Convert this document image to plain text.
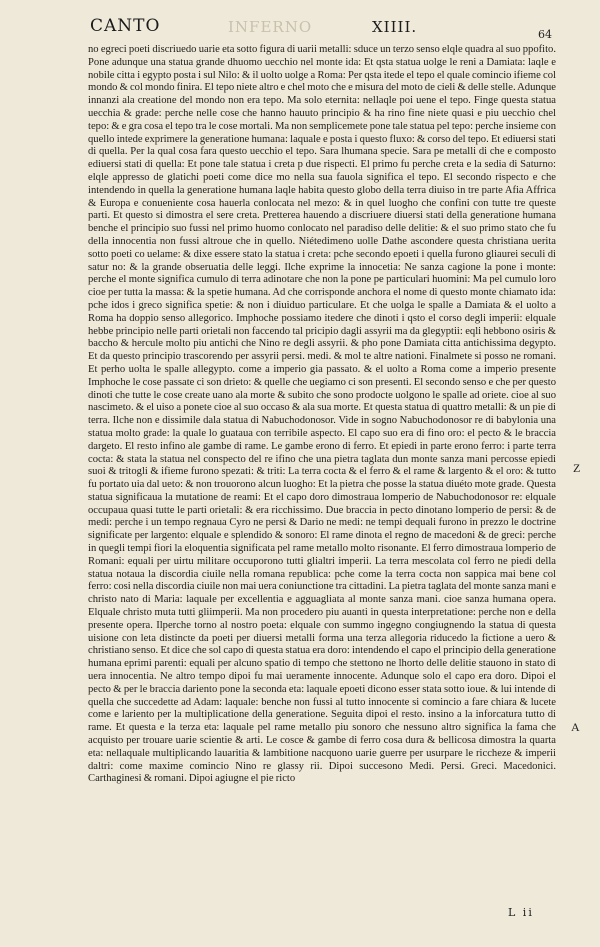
INFERNO
CANTO	XIIII.	64

no egreci poeti discriuedo uarie eta sotto figura di uarii metalli: sduce un terzo senso elqle quadra al suo ppofito. Pone adunque una statua grande dhuomo uecchio nel monte ida: Et qsta statua uolge le reni a Damiata: laqle e nobile citta i egypto posta i sul Nilo: & il uolto uolge a Roma: Per qsta itede el tepo el quale comincio ifieme col mondo & col mondo finira. El tepo niete altro e chel moto che e misura del moto de cieli & delle stelle. Adunque innanzi ala creatione del mondo non era tepo. Ma solo eternita: nellaqle poi uene el tepo. Finge questa statua uecchia & grade: perche nelle cose che hanno hauuto principio & ha rino fine niete quasi e piu uecchio chel tepo: & e gra cosa el tepo tra le cose mortali. Ma non semplicemete pone tale statua pel tepo: perche insieme con quello intede exprimere la generatione humana: laquale e posta i questo fluxo: & corso del tepo. Et ediuersi stati di quella. Per la qual cosa fara questo uecchio el tepo. Sara lhumana specie. Sara pe metalli di che e composto ediuersi stati di quella: Et pone tale statua i creta p due rispecti. El primo fu perche creta e la sedia di Saturno: elqle appresso de glatichi poeti come dice mo nella sua fauola significa el tepo. El secondo rispecto e che intendendo in quella la generatione humana laqle habita questo globo della terra diuiso in tre parte Afia Affrica & Europa e conueniente cosa hauerla conlocata nel mezo: & in quel luogho che confini con tutte tre queste parti. Et questo si dimostra el sere creta. Pretterea hauendo a discriuere diuersi stati della generatione humana benche el principio suo fussi nel primo huomo conlocato nel paradiso delle delitie: & el suo primo stato che fu della innocentia non fussi altroue che in quello. Niétedimeno uolle Dathe ascondere questa christiana uerita sotto poeti co uelame: & dixe essere stato la statua i creta: pche secondo epoeti i quella furono gliaurei seculi di satur no: & la grande obseruatia delle leggi. Ilche exprime la innocetia: Ne sanza cagione la pone i monte: perche el monte significa cumulo di terra adinotare che non la pone pe particulari huomini: Ma pel cumulo loro cioe per tutta la massa: & la spetie humana. Ad che corrisponde anchora el nome di questo monte chiamato ida: pche idos i greco significa spetie: & non i diuiduo particulare. Et che uolga le spalle a Damiata & el uolto a Roma ha doppio senso allegorico. Imphoche possiamo itedere che dinoti i qsto el corso degli imperii: elquale hebbe principio nelle parti orietali non faccendo tal pricipio dagli assyrii ma da glegyptii: eqli hebbono osiris & baccho & hercule molto piu antichi che Nino re degli assyrii. & pho pone Damiata citta antichissima degypto. Et da questo principio trascorendo per assyrii persi. medi. & mol te altre nationi. Finalmete si posso ne romani. Et perho uolta le spalle allegypto. come a imperio gia passato. & el uolto a Roma come a imperio presente Imphoche le cose passate ci son drieto: & quelle che uegiamo ci son presenti. El secondo senso e che per questo dinoti che tutte le cose create uano ala morte & subito che sono prodocte uolgono le spalle ad oriete. cioe al suo nascimeto. & el uiso a ponete cioe al suo occaso & ala sua morte. Et questa statua di quattro metalli: & un pie di terra. Ilche non e dissimile dala statua di Nabuchodonosor. Vide in sogno Nabuchodonosor re di babylonia una statua molto grade: la quale lo guataua con terribile aspecto. El capo suo era di fino oro: el pecto & le braccia dargeto. El resto infino ale gambe di rame. Le gambe erono di ferro. Et epiedi in parte erono ferro: i parte terra cocta: & stata la statua nel conspecto del re ifino che una pietra taglata dun monte sanza mani percosse epiedi suoi & tritogli & ifieme furono spezati: & triti: La terra cocta & el ferro & el rame & largento & el oro: & tutto fu portato uia dal ueto: & non trouorono alcun luogho: Et la pietra che posse la statua diuéto mote grade. Questa statua significaua la mutatione de reami: Et el capo doro dimostraua lomperio de Nabuchodonosor re: elquale occupaua quasi tutte le parti orietali: & era ricchissimo. Due braccia in pecto dinotano lomperio de persi: & de medi: perche i un tempo regnaua Cyro ne persi & Dario ne medi: ne tempi dequali furono in prezzo le doctrine significate per largento: elquale e splendido & sonoro: El rame dinota el regno de macedoni & de greci: perche in quegli tempi fiori la eloquentia significata pel rame metallo molto risonante. El ferro dimostraua lomperio de Romani: equali per uirtu militare occuporono tutti glialtri imperii. La terra mescolata col ferro ne piedi della statua notaua la discordia ciuile nella romana republica: pche come la terra cocta non sappica mai bene col ferro: cosi nella discordia ciuile non mai uera coniunctione tra cittadini. La pietra taglata del monte sanza mani e christo nato di Maria: laquale per excellentia e agguagliata al monte sanza mani. cioe sanza humana opera. Elquale christo muta tutti gliimperii. Ma non procedero piu auanti in questa interpretatione: perche non e della presente opera. Ilperche torno al nostro poeta: elquale con summo ingegno congiugnendo la statua di questa uisione con leta distincte da poeti per diuersi metalli forma una terza allegoria riducedo la fictione a uero & christiano senso. Et dice che sol capo di questa statua era doro: intendendo el capo el principio della generatione humana eprimi parenti: equali per alcuno spatio di tempo che stettono ne lhorto delle delitie stauono in stato di uera innocentia. Ne altro tempo dipoi fu mai ueramente innocente. Adunque solo el capo era doro. Dipoi el pecto & per le braccia dariento pone la seconda eta: laquale epoeti dicono esser stata sotto ioue. & lui intende di quella che succedette ad Adam: laquale: benche non fussi al tutto innocente si comincio a fare chiara & lucete come e lariento per la multiplicatione della generatione. Seguita dipoi el resto. insino a la inforcatura tutto di rame. Et questa e la terza eta: laquale pel rame metallo piu sonoro che nessuno altro significa la fama che acquisto per trouare uarie scientie & arti. Le cosce & gambe di ferro cosa dura & bellicosa dimostra la quarta eta: nellaquale multiplicando lauaritia & lambitione nacquono uarie guerre per usurpare le riccheze & imperii daltri: come maxime comincio Nino re glassy rii. Dipoi succesono Medi. Persi. Greci. Macedonici. Carthaginesi & romani. Dipoi agiugne el pie ricto

Z
A
L ii
